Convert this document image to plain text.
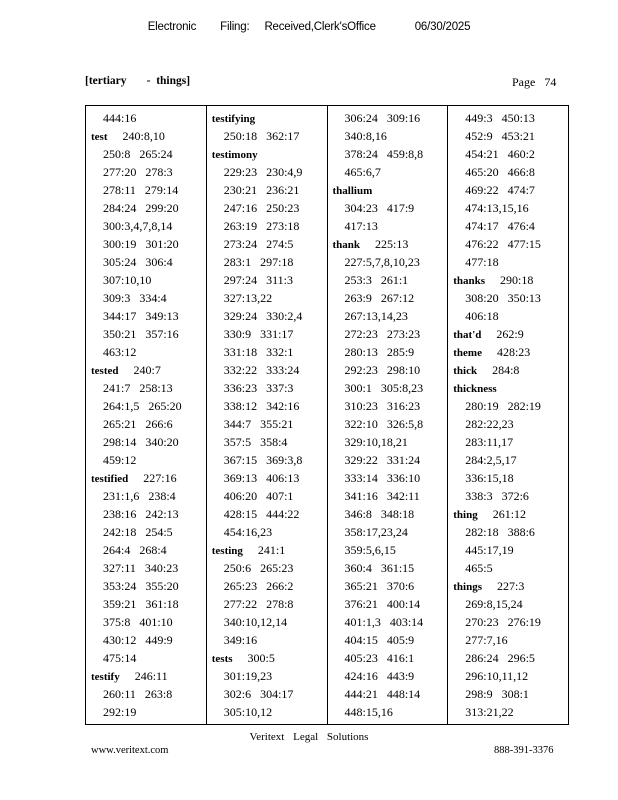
Electronic Filing: Received,Clerk'sOffice	06/30/2025
[tertiary       -  things]	Page   74
444:16
test 240:8,10
250:8   265:24
277:20   278:3
278:11   279:14
284:24   299:20
300:3,4,7,8,14
300:19   301:20
305:24   306:4
307:10,10
309:3   334:4
344:17   349:13
350:21   357:16
463:12
tested 240:7
241:7   258:13
264:1,5   265:20
265:21   266:6
298:14   340:20
459:12
testified 227:16
231:1,6   238:4
238:16   242:13
242:18   254:5
264:4   268:4
327:11   340:23
353:24   355:20
359:21   361:18
375:8   401:10
430:12   449:9
475:14
testify 246:11
260:11   263:8
292:19
testifying
250:18   362:17
testimony
229:23   230:4,9
230:21   236:21
247:16   250:23
263:19   273:18
273:24   274:5
283:1   297:18
297:24   311:3
327:13,22
329:24   330:2,4
330:9   331:17
331:18   332:1
332:22   333:24
336:23   337:3
338:12   342:16
344:7   355:21
357:5   358:4
367:15   369:3,8
369:13   406:13
406:20   407:1
428:15   444:22
454:16,23
testing 241:1
250:6   265:23
265:23   266:2
277:22   278:8
340:10,12,14
349:16
tests 300:5
301:19,23
302:6   304:17
305:10,12
306:24   309:16
340:8,16
378:24   459:8,8
465:6,7
thallium
304:23   417:9
417:13
thank 225:13
227:5,7,8,10,23
253:3   261:1
263:9   267:12
267:13,14,23
272:23   273:23
280:13   285:9
292:23   298:10
300:1   305:8,23
310:23   316:23
322:10   326:5,8
329:10,18,21
329:22   331:24
333:14   336:10
341:16   342:11
346:8   348:18
358:17,23,24
359:5,6,15
360:4   361:15
365:21   370:6
376:21   400:14
401:1,3   403:14
404:15   405:9
405:23   416:1
424:16   443:9
444:21   448:14
448:15,16
449:3   450:13
452:9   453:21
454:21   460:2
465:20   466:8
469:22   474:7
474:13,15,16
474:17   476:4
476:22   477:15
477:18
thanks 290:18
308:20   350:13
406:18
that'd 262:9
theme 428:23
thick 284:8
thickness
280:19   282:19
282:22,23
283:11,17
284:2,5,17
336:15,18
338:3   372:6
thing 261:12
282:18   388:6
445:17,19
465:5
things 227:3
269:8,15,24
270:23   276:19
277:7,16
286:24   296:5
296:10,11,12
298:9   308:1
313:21,22
Veritext Legal Solutions
www.veritext.com	888-391-3376
